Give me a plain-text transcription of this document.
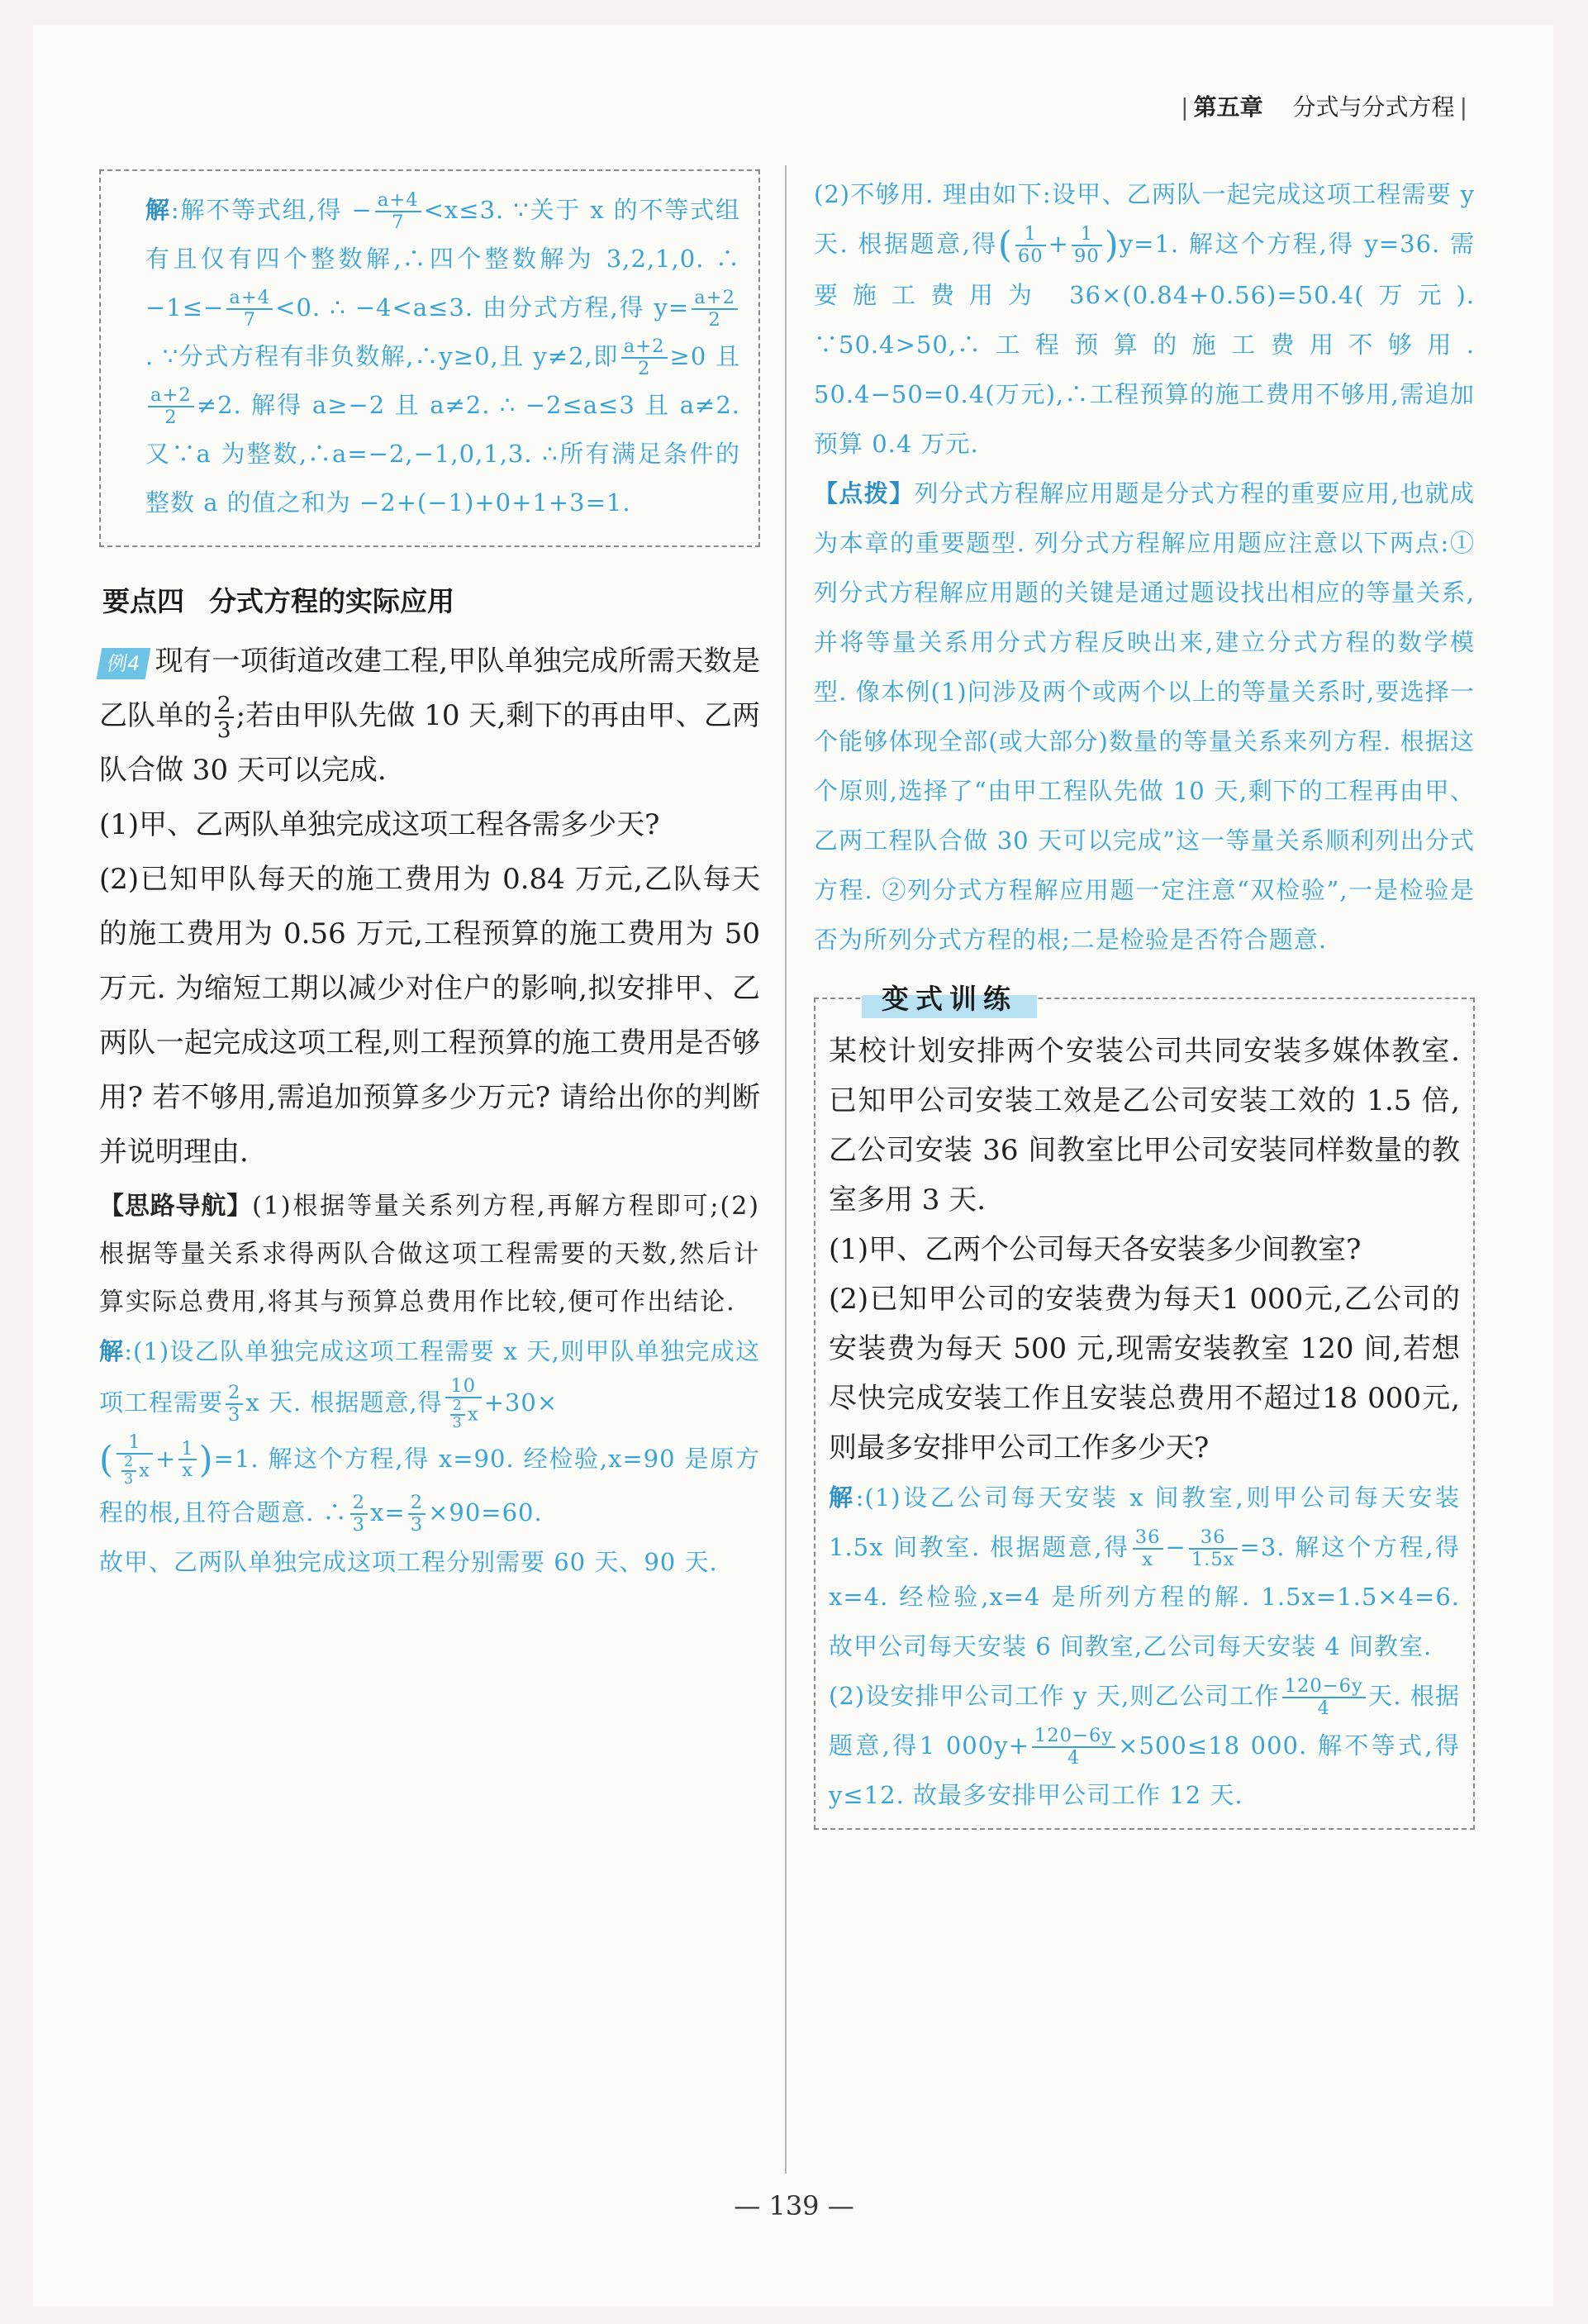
| 第五章 分式与分式方程 |
解:解不等式组,得 − $\frac{a+4}{7} <x\le 3$. ∵关于 x 的不等式组有且仅有四个整数解,∴四个整数解为 3,2,1,0. ∴ $-1\le- \frac{a+4}{7} <0$. ∴ −4<a≤3. 由分式方程,得 $y= \frac{a+2}{2}$
. ∵分式方程有非负数解,∴y≥0,且 y≠2,即 $\frac{a+2}{2} \ge 0$ 且
$\frac{a+2}{2} \ne 2$. 解得 a≥−2 且 a≠2. ∴ −2≤a≤3 且 a≠2. 又∵a 为整数,∴a=−2,−1,0,1,3. ∴所有满足条件的整数 a 的值之和为 −2+(−1)+0+1+3=1.
要点四 分式方程的实际应用

例4 现有一项街道改建工程,甲队单独完成所需天数是乙队单的 $\frac{2}{3}$ ;若由甲队先做 10 天,剩下的再由甲、乙两队合做 30 天可以完成.

(1)甲、乙两队单独完成这项工程各需多少天?

(2)已知甲队每天的施工费用为 0.84 万元,乙队每天的施工费用为 0.56 万元,工程预算的施工费用为 50 万元. 为缩短工期以减少对住户的影响,拟安排甲、乙两队一起完成这项工程,则工程预算的施工费用是否够用? 若不够用,需追加预算多少万元? 请给出你的判断并说明理由.

【思路导航】(1)根据等量关系列方程,再解方程即可;(2)根据等量关系求得两队合做这项工程需要的天数,然后计算实际总费用,将其与预算总费用作比较,便可作出结论.

解:(1)设乙队单独完成这项工程需要 x 天,则甲队单独完成这项工程需要 $\frac{2}{3}$ x 天. 根据题意,得 $\frac{10}{\frac{2}{3} x} +30\times$

( $\frac{1}{\frac{2}{3} x} + \frac{1}{x} )=1$. 解这个方程,得 x=90. 经检验,x=90 是原方程的根,且符合题意. ∴ $\frac{2}{3} x= \frac{2}{3} \times 90=60$.

故甲、乙两队单独完成这项工程分别需要 60 天、90 天.

(2)不够用. 理由如下:设甲、乙两队一起完成这项工程需要 y 天. 根据题意,得( $\frac{1}{60} + \frac{1}{90} )y=1$. 解这个方程,得 y=36. 需要施工费用为 36×(0.84+0.56)=50.4(万元). ∵50.4>50,∴工程预算的施工费用不够用. 50.4−50=0.4(万元),∴工程预算的施工费用不够用,需追加预算 0.4 万元.

【点拨】列分式方程解应用题是分式方程的重要应用,也就成为本章的重要题型. 列分式方程解应用题应注意以下两点:①列分式方程解应用题的关键是通过题设找出相应的等量关系,并将等量关系用分式方程反映出来,建立分式方程的数学模型. 像本例(1)问涉及两个或两个以上的等量关系时,要选择一个能够体现全部(或大部分)数量的等量关系来列方程. 根据这个原则,选择了“由甲工程队先做 10 天,剩下的工程再由甲、乙两工程队合做 30 天可以完成”这一等量关系顺利列出分式方程. ②列分式方程解应用题一定注意“双检验”,一是检验是否为所列分式方程的根;二是检验是否符合题意.

变式训练

某校计划安排两个安装公司共同安装多媒体教室. 已知甲公司安装工效是乙公司安装工效的 1.5 倍,乙公司安装 36 间教室比甲公司安装同样数量的教室多用 3 天.

(1)甲、乙两个公司每天各安装多少间教室?

(2)已知甲公司的安装费为每天1 000元,乙公司的安装费为每天 500 元,现需安装教室 120 间,若想尽快完成安装工作且安装总费用不超过18 000元,则最多安排甲公司工作多少天?

解:(1)设乙公司每天安装 x 间教室,则甲公司每天安装 1.5x 间教室. 根据题意,得 $\frac{36}{x} - \frac{36}{1.5x} =3$. 解这个方程,得 x=4. 经检验,x=4 是所列方程的解. 1.5x=1.5×4=6. 故甲公司每天安装 6 间教室,乙公司每天安装 4 间教室.

(2)设安排甲公司工作 y 天,则乙公司工作 $\frac{120-6y}{4}$ 天. 根据题意,得1 $000y+ \frac{120-6y}{4} \times 500\le 18$ 000. 解不等式,得 y≤12. 故最多安排甲公司工作 12 天.

— 139 —
